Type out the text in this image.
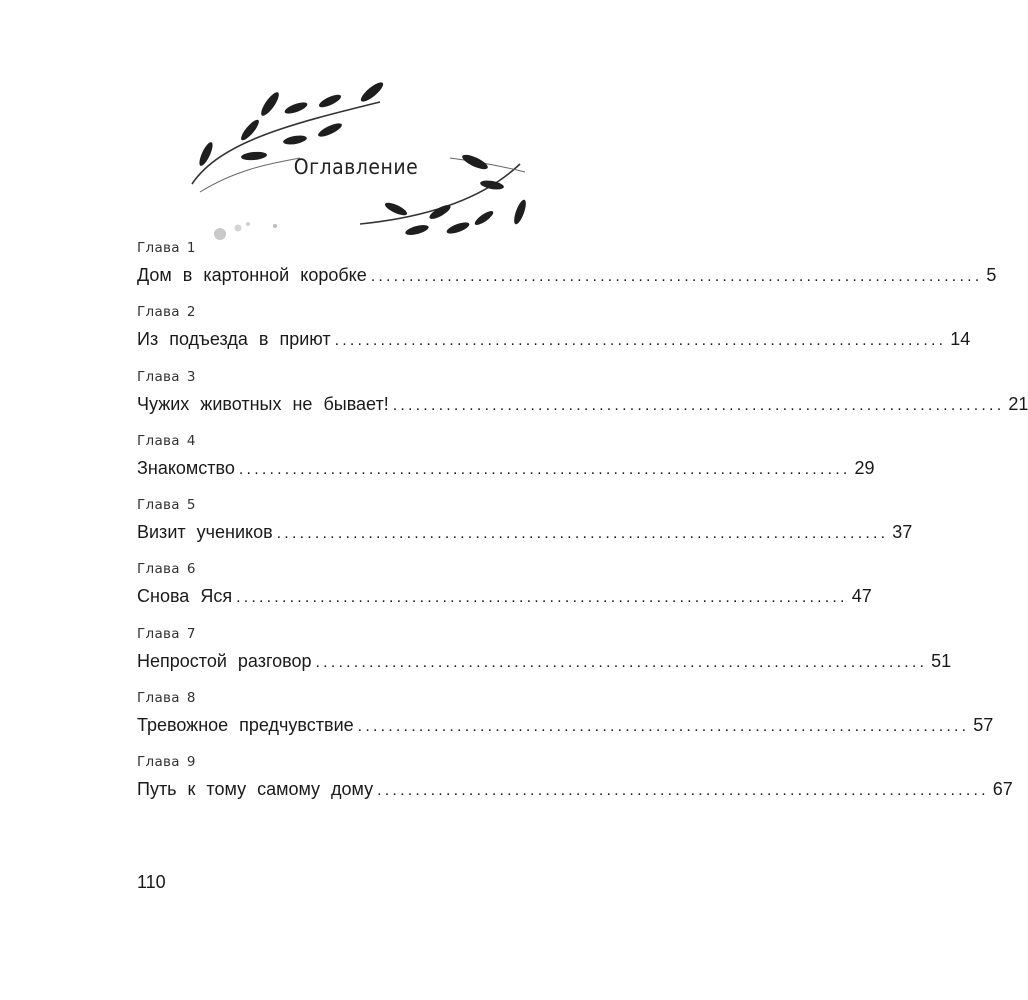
Оглавление
Глава 1
Дом в картонной коробке ................................................................................ 5
Глава 2
Из подъезда в приют ................................................................................ 14
Глава 3
Чужих животных не бывает! ................................................................................ 21
Глава 4
Знакомство ................................................................................ 29
Глава 5
Визит учеников ................................................................................ 37
Глава 6
Снова Яся ................................................................................ 47
Глава 7
Непростой разговор ................................................................................ 51
Глава 8
Тревожное предчувствие ................................................................................ 57
Глава 9
Путь к тому самому дому ................................................................................ 67
110
